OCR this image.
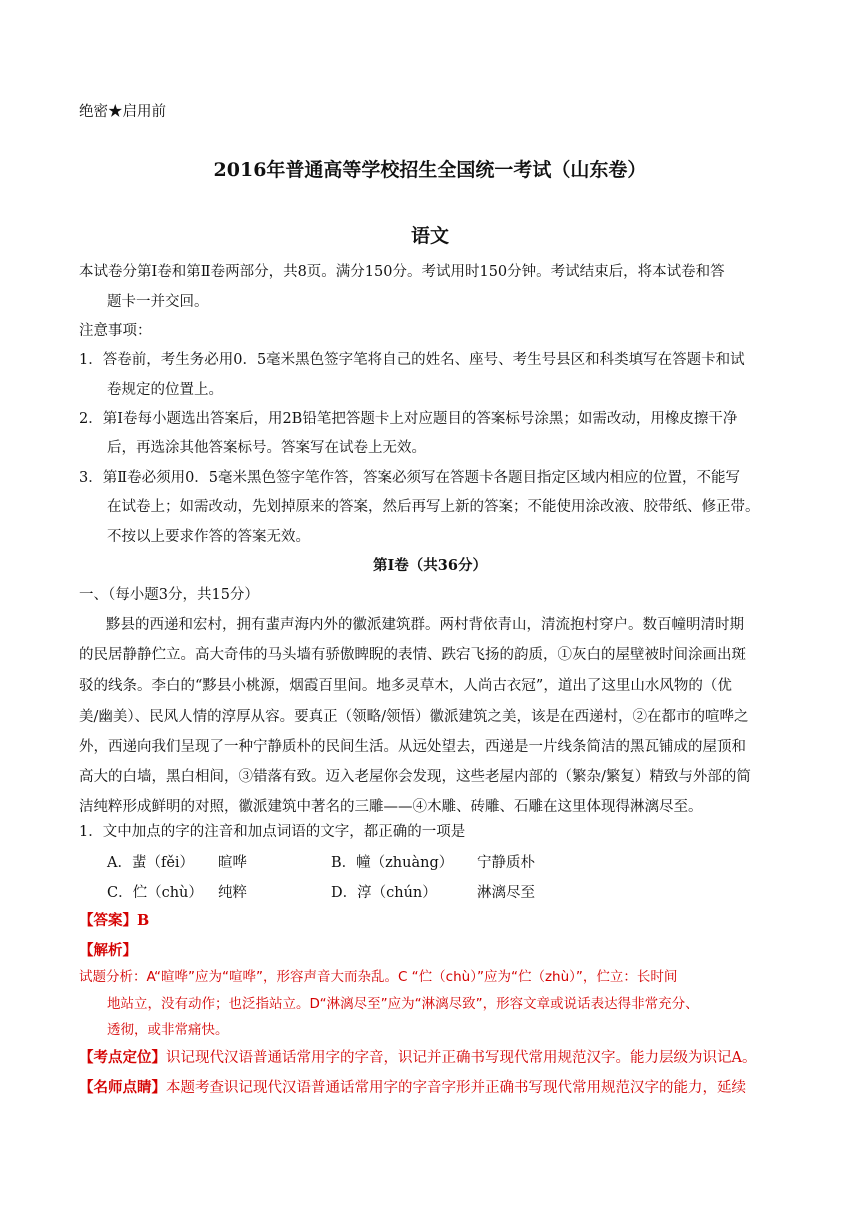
绝密★启用前
2016年普通高等学校招生全国统一考试（山东卷）
语文
本试卷分第Ⅰ卷和第Ⅱ卷两部分，共8页。满分150分。考试用时150分钟。考试结束后，将本试卷和答
题卡一并交回。
注意事项：
1．答卷前，考生务必用0．5毫米黑色签字笔将自己的姓名、座号、考生号县区和科类填写在答题卡和试
卷规定的位置上。
2．第Ⅰ卷每小题选出答案后，用2B铅笔把答题卡上对应题目的答案标号涂黑；如需改动，用橡皮擦干净
后，再选涂其他答案标号。答案写在试卷上无效。
3．第Ⅱ卷必须用0．5毫米黑色签字笔作答，答案必须写在答题卡各题目指定区域内相应的位置，不能写
在试卷上；如需改动，先划掉原来的答案，然后再写上新的答案；不能使用涂改液、胶带纸、修正带。
不按以上要求作答的答案无效。
第Ⅰ卷（共36分）
一、（每小题3分，共15分）
黟县的西递和宏村，拥有蜚声海内外的徽派建筑群。两村背依青山，清流抱村穿户。数百幢明清时期
的民居静静伫立。高大奇伟的马头墙有骄傲睥睨的表情、跌宕飞扬的韵质，①灰白的屋壁被时间涂画出斑
驳的线条。李白的“黟县小桃源，烟霞百里间。地多灵草木，人尚古衣冠”，道出了这里山水风物的（优
美/幽美）、民风人情的淳厚从容。要真正（领略/领悟）徽派建筑之美，该是在西递村，②在都市的喧哗之
外，西递向我们呈现了一种宁静质朴的民间生活。从远处望去，西递是一片线条简洁的黑瓦铺成的屋顶和
高大的白墙，黑白相间，③错落有致。迈入老屋你会发现，这些老屋内部的（繁杂/繁复）精致与外部的简
洁纯粹形成鲜明的对照，徽派建筑中著名的三雕——④木雕、砖雕、石雕在这里体现得淋漓尽至。
1．文中加点的字的注音和加点词语的文字，都正确的一项是
A．蜚（fěi） 暄哗	B．幢（zhuàng） 宁静质朴
C．伫（chù） 纯粹	D．淳（chún）	淋漓尽至
【答案】B
【解析】
试题分析：A“暄哗”应为“喧哗”，形容声音大而杂乱。C “伫（chù）”应为“伫（zhù）”，伫立：长时间
地站立，没有动作；也泛指站立。D“淋漓尽至”应为“淋漓尽致”，形容文章或说话表达得非常充分、
透彻，或非常痛快。
【考点定位】识记现代汉语普通话常用字的字音，识记并正确书写现代常用规范汉字。能力层级为识记A。
【名师点睛】本题考查识记现代汉语普通话常用字的字音字形并正确书写现代常用规范汉字的能力，延续
